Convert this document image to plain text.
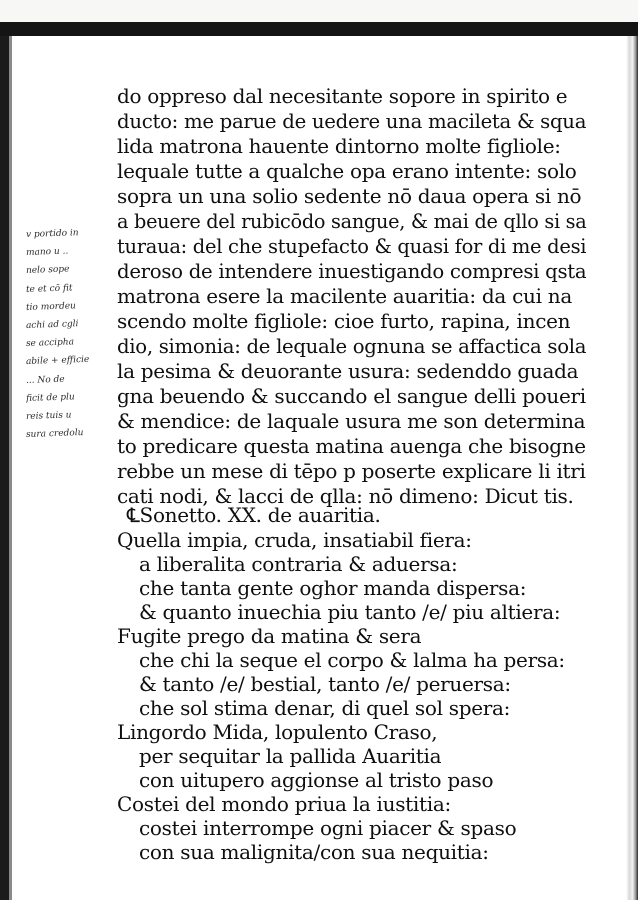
do oppreso dal necesitante sopore in spirito e
ducto: me parue de uedere una macileta & squa
lida matrona hauente dintorno molte figliole:
lequale tutte a qualche opa erano intente: solo
sopra un una solio sedente nō daua opera si nō
a beuere del rubicōdo sangue, & mai de qllo si sa
turaua: del che stupefacto & quasi for di me desi
deroso de intendere inuestigando compresi qsta
matrona esere la macilente auaritia: da cui na
scendo molte figliole: cioe furto, rapina, incen
dio, simonia: de lequale ognuna se affactica sola
la pesima & deuorante usura: sedenddo guada
gna beuendo & succando el sangue delli poueri
& mendice: de laquale usura me son determina
to predicare questa matina auenga che bisogne
rebbe un mese di tēpo p poserte explicare li itri
cati nodi, & lacci de qlla: nō dimeno: Dicut tis.
℄Sonetto. XX. de auaritia.
Quella impia, cruda, insatiabil fiera:
a liberalita contraria & aduersa:
che tanta gente oghor manda dispersa:
& quanto inuechia piu tanto /e/ piu altiera:
Fugite prego da matina & sera
che chi la seque el corpo & lalma ha persa:
& tanto /e/ bestial, tanto /e/ peruersa:
che sol stima denar, di quel sol spera:
Lingordo Mida, lopulento Craso,
per sequitar la pallida Auaritia
con uitupero aggionse al tristo paso
Costei del mondo priua la iustitia:
costei interrompe ogni piacer & spaso
con sua malignita/con sua nequitia:
v portido in
mano u ..
nelo sope
te et cō fit
tio mordeu
achi ad cgli
se accipha
abile + efficie
... No de
ficit de plu
reis tuis u
sura credolu
